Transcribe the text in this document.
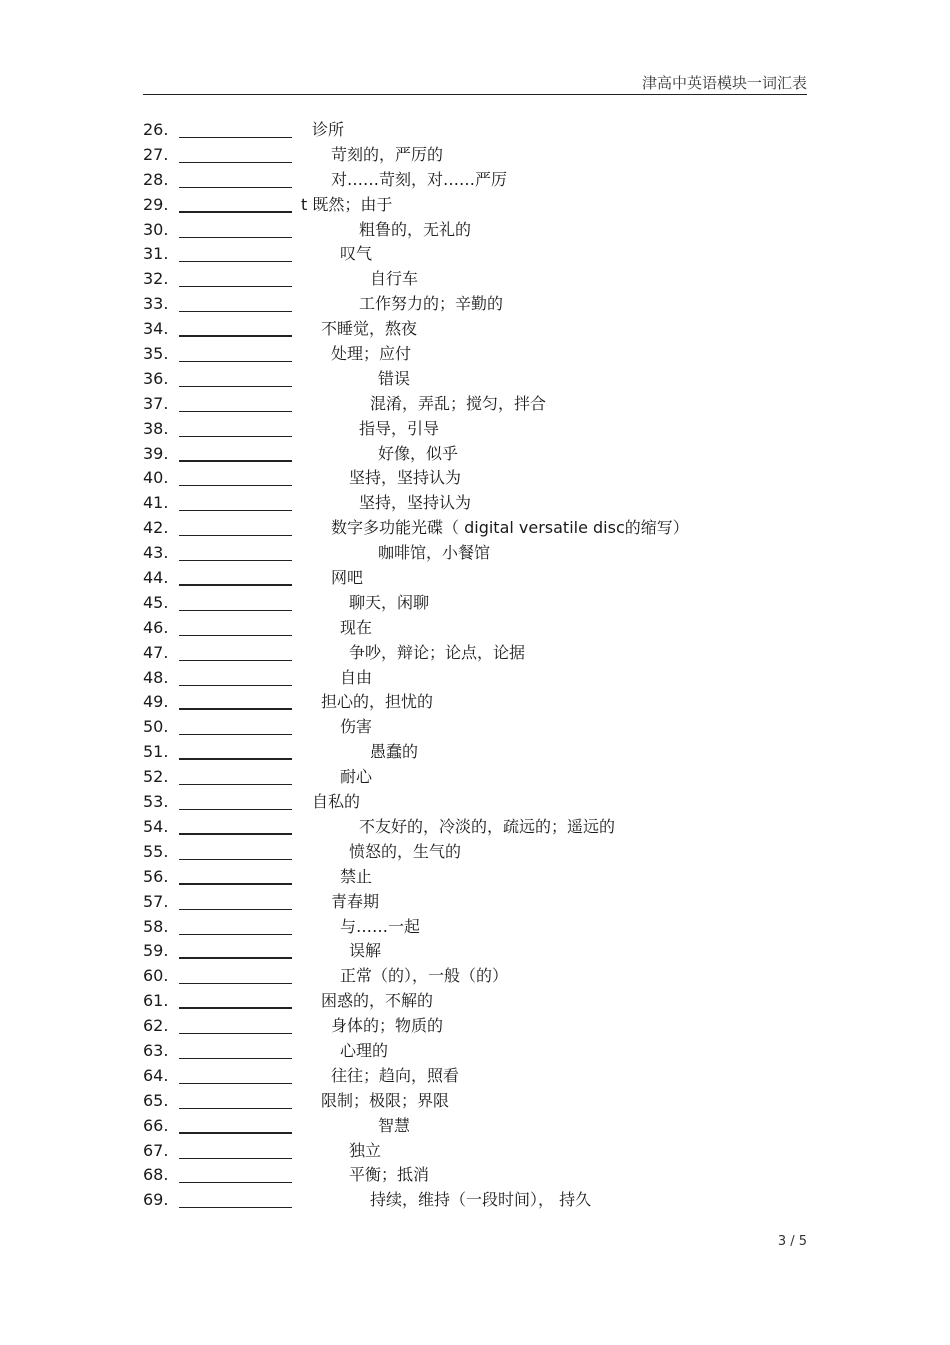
津高中英语模块一词汇表
26.	诊所
27.	苛刻的，严厉的
28.	对……苛刻，对……严厉
29.	t 既然；由于
30.	粗鲁的，无礼的
31.	叹气
32.	自行车
33.	工作努力的；辛勤的
34.	不睡觉，熬夜
35.	处理；应付
36.	错误
37.	混淆，弄乱；搅匀，拌合
38.	指导，引导
39.	好像，似乎
40.	坚持，坚持认为
41.	坚持，坚持认为
42.	数字多功能光碟（ digital versatile disc的缩写）
43.	咖啡馆，小餐馆
44.	网吧
45.	聊天，闲聊
46.	现在
47.	争吵，辩论；论点，论据
48.	自由
49.	担心的，担忧的
50.	伤害
51.	愚蠢的
52.	耐心
53.	自私的
54.	不友好的，冷淡的，疏远的；遥远的
55.	愤怒的，生气的
56.	禁止
57.	青春期
58.	与……一起
59.	误解
60.	正常（的），一般（的）
61.	困惑的，不解的
62.	身体的；物质的
63.	心理的
64.	往往；趋向，照看
65.	限制；极限；界限
66.	智慧
67.	独立
68.	平衡；抵消
69.	持续，维持（一段时间）， 持久
3 / 5
